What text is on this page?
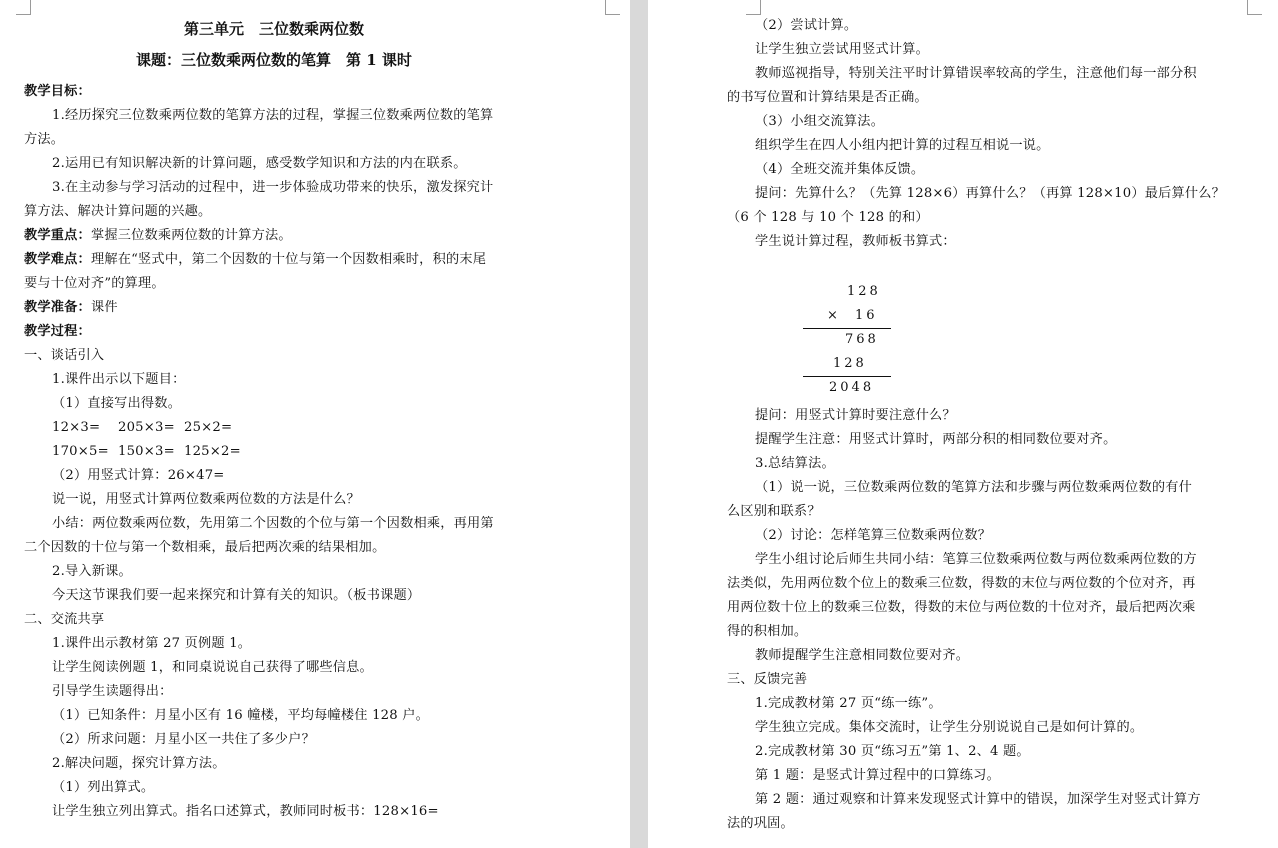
第三单元　三位数乘两位数
课题：三位数乘两位数的笔算　第 1 课时
教学目标：
1.经历探究三位数乘两位数的笔算方法的过程，掌握三位数乘两位数的笔算
方法。
2.运用已有知识解决新的计算问题，感受数学知识和方法的内在联系。
3.在主动参与学习活动的过程中，进一步体验成功带来的快乐，激发探究计
算方法、解决计算问题的兴趣。
教学重点：掌握三位数乘两位数的计算方法。
教学难点：理解在“竖式中，第二个因数的十位与第一个因数相乘时，积的末尾
要与十位对齐”的算理。
教学准备：课件
教学过程：
一、谈话引入
1.课件出示以下题目：
（1）直接写出得数。
12×3= 205×3= 25×2=
170×5= 150×3= 125×2=
（2）用竖式计算：26×47=
说一说，用竖式计算两位数乘两位数的方法是什么？
小结：两位数乘两位数，先用第二个因数的个位与第一个因数相乘，再用第
二个因数的十位与第一个数相乘，最后把两次乘的结果相加。
2.导入新课。
今天这节课我们要一起来探究和计算有关的知识。（板书课题）
二、交流共享
1.课件出示教材第 27 页例题 1。
让学生阅读例题 1，和同桌说说自己获得了哪些信息。
引导学生读题得出：
（1）已知条件：月星小区有 16 幢楼，平均每幢楼住 128 户。
（2）所求问题：月星小区一共住了多少户？
2.解决问题，探究计算方法。
（1）列出算式。
让学生独立列出算式。指名口述算式，教师同时板书：128×16=
（2）尝试计算。
让学生独立尝试用竖式计算。
教师巡视指导，特别关注平时计算错误率较高的学生，注意他们每一部分积
的书写位置和计算结果是否正确。
（3）小组交流算法。
组织学生在四人小组内把计算的过程互相说一说。
（4）全班交流并集体反馈。
提问：先算什么？（先算 128×6）再算什么？（再算 128×10）最后算什么？
（6 个 128 与 10 个 128 的和）
学生说计算过程，教师板书算式：
128
× 16
768
128
2048
提问：用竖式计算时要注意什么？
提醒学生注意：用竖式计算时，两部分积的相同数位要对齐。
3.总结算法。
（1）说一说，三位数乘两位数的笔算方法和步骤与两位数乘两位数的有什
么区别和联系？
（2）讨论：怎样笔算三位数乘两位数？
学生小组讨论后师生共同小结：笔算三位数乘两位数与两位数乘两位数的方
法类似，先用两位数个位上的数乘三位数，得数的末位与两位数的个位对齐，再
用两位数十位上的数乘三位数，得数的末位与两位数的十位对齐，最后把两次乘
得的积相加。
教师提醒学生注意相同数位要对齐。
三、反馈完善
1.完成教材第 27 页“练一练”。
学生独立完成。集体交流时，让学生分别说说自己是如何计算的。
2.完成教材第 30 页“练习五”第 1、2、4 题。
第 1 题：是竖式计算过程中的口算练习。
第 2 题：通过观察和计算来发现竖式计算中的错误，加深学生对竖式计算方
法的巩固。
